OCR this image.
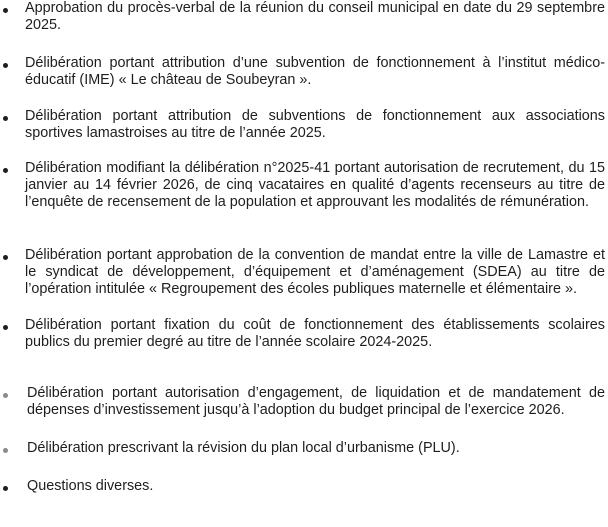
Approbation du procès-verbal de la réunion du conseil municipal en date du 29 septembre 2025.
Délibération portant attribution d’une subvention de fonctionnement à l’institut médico-éducatif (IME) « Le château de Soubeyran ».
Délibération portant attribution de subventions de fonctionnement aux associations sportives lamastroises au titre de l’année 2025.
Délibération modifiant la délibération n°2025-41 portant autorisation de recrutement, du 15 janvier au 14 février 2026, de cinq vacataires en qualité d’agents recenseurs au titre de l’enquête de recensement de la population et approuvant les modalités de rémunération.
Délibération portant approbation de la convention de mandat entre la ville de Lamastre et le syndicat de développement, d’équipement et d’aménagement (SDEA) au titre de l’opération intitulée « Regroupement des écoles publiques maternelle et élémentaire ».
Délibération portant fixation du coût de fonctionnement des établissements scolaires publics du premier degré au titre de l’année scolaire 2024-2025.
Délibération portant autorisation d’engagement, de liquidation et de mandatement de dépenses d’investissement jusqu’à l’adoption du budget principal de l’exercice 2026.
Délibération prescrivant la révision du plan local d’urbanisme (PLU).
Questions diverses.
